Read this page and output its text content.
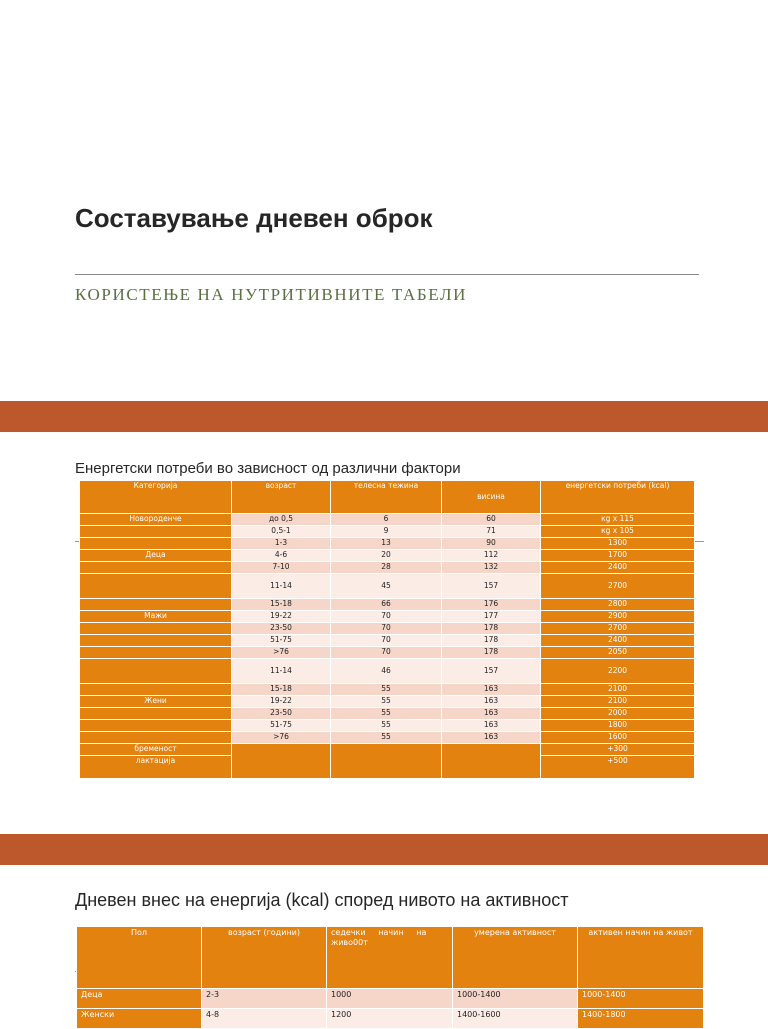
Составување дневен оброк
КОРИСТЕЊЕ НА НУТРИТИВНИТЕ ТАБЕЛИ
Енергетски потреби во зависност од различни фактори
Категорија	возраст	телесна тежина	висина	енергетски потреби (kcal)
Новороденче	до 0,5	6	60	кg x 115
	0,5-1	9	71	кg x 105
	1-3	13	90	1300
Деца	4-6	20	112	1700
	7-10	28	132	2400
	11-14	45	157	2700
	15-18	66	176	2800
Мажи	19-22	70	177	2900
	23-50	70	178	2700
	51-75	70	178	2400
	>76	70	178	2050
	11-14	46	157	2200
	15-18	55	163	2100
Жени	19-22	55	163	2100
	23-50	55	163	2000
	51-75	55	163	1800
	>76	55	163	1600
бременост				+300
лактација				+500
Дневен внес на енергија (kcal) според нивото на активност
Пол	возраст (години)	седечки     начин     на живо00т	умерена активност	активен начин на живот
Деца	2-3	1000	1000-1400	1000-1400
Женски	4-8	1200	1400-1600	1400-1800
